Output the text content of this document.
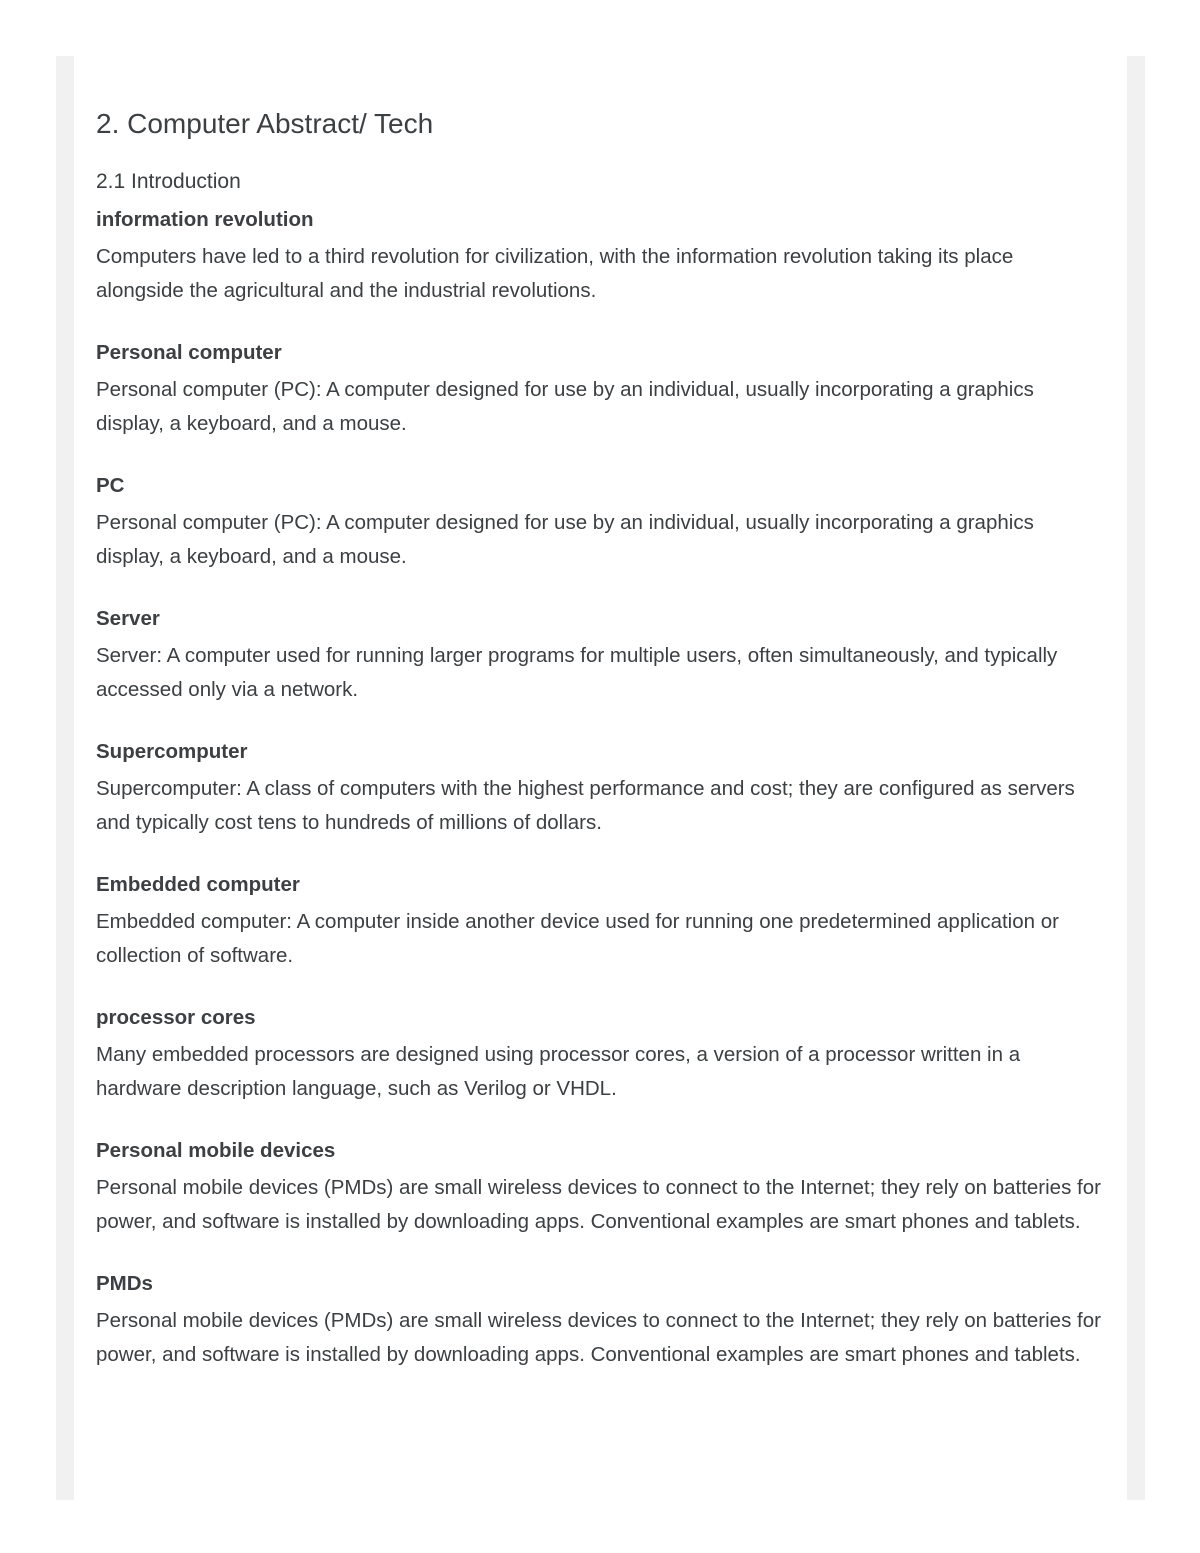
2. Computer Abstract/ Tech
2.1 Introduction
information revolution

Computers have led to a third revolution for civilization, with the information revolution taking its place alongside the agricultural and the industrial revolutions.

Personal computer

Personal computer (PC): A computer designed for use by an individual, usually incorporating a graphics display, a keyboard, and a mouse.

PC

Personal computer (PC): A computer designed for use by an individual, usually incorporating a graphics display, a keyboard, and a mouse.

Server

Server: A computer used for running larger programs for multiple users, often simultaneously, and typically accessed only via a network.

Supercomputer

Supercomputer: A class of computers with the highest performance and cost; they are configured as servers and typically cost tens to hundreds of millions of dollars.

Embedded computer

Embedded computer: A computer inside another device used for running one predetermined application or collection of software.

processor cores

Many embedded processors are designed using processor cores, a version of a processor written in a hardware description language, such as Verilog or VHDL.

Personal mobile devices

Personal mobile devices (PMDs) are small wireless devices to connect to the Internet; they rely on batteries for power, and software is installed by downloading apps. Conventional examples are smart phones and tablets.

PMDs

Personal mobile devices (PMDs) are small wireless devices to connect to the Internet; they rely on batteries for power, and software is installed by downloading apps. Conventional examples are smart phones and tablets.
